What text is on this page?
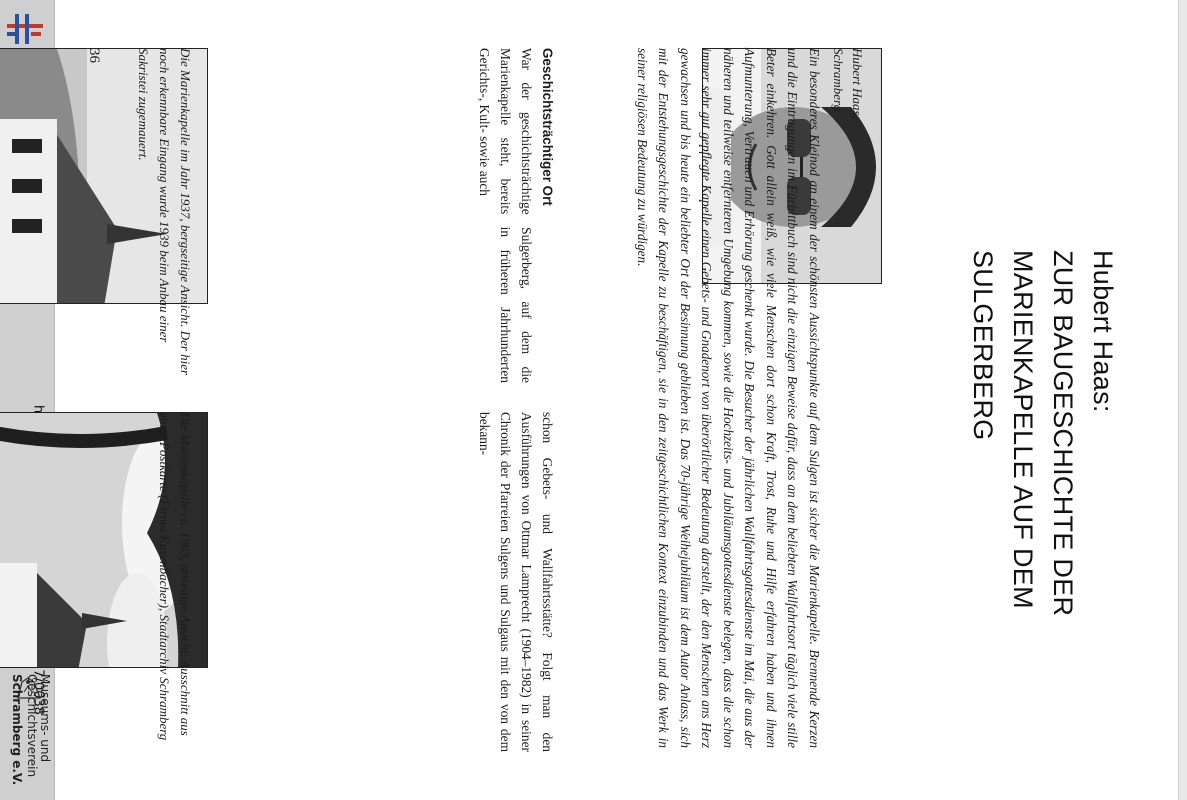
Museums- und
Geschichtsverein
Schramberg e.V.
Hubert Haas:
ZUR BAUGESCHICHTE DER
MARIENKAPELLE AUF DEM
SULGERBERG
Hubert Haas,
Schramberg
Ein besonderes Kleinod an einem der schönsten Aussichtspunkte auf dem Sulgen ist sicher die Marienkapelle. Brennende Kerzen und die Eintragungen im Fürbittbuch sind nicht die einzigen Beweise dafür, dass an dem beliebten Wallfahrtsort täglich viele stille Beter einkehren. Gott allein weiß, wie viele Menschen dort schon Kraft, Trost, Ruhe und Hilfe erfahren haben und ihnen Aufmunterung, Vertrauen und Erhörung geschenkt wurde. Die Besucher der jährlichen Wallfahrtsgottesdienste im Mai, die aus der näheren und teilweise entfernteren Umgebung kommen, sowie die Hochzeits- und Jubiläumsgottesdienste belegen, dass die schon immer sehr gut gepflegte Kapelle einen Gebets- und Gnadenort von überörtlicher Bedeutung darstellt, der den Menschen ans Herz gewachsen und bis heute ein beliebter Ort der Besinnung geblieben ist. Das 70-jährige Weihejubiläum ist dem Autor Anlass, sich mit der Entstehungsgeschichte der Kapelle zu beschäftigen, sie in den zeitgeschichtlichen Kontext einzubinden und das Werk in seiner religiösen Bedeutung zu würdigen.
Geschichtsträchtiger Ort
War der geschichtsträchtige Sulgerberg, auf dem die Marienkapelle steht, bereits in früheren Jahrhunderten Gerichts-, Kult- sowie auch
schon Gebets- und Wallfahrtsstätte? Folgt man den Ausführungen von Ottmar Lamprecht (1904–1982) in seiner Chronik der Pfarreien Sulgens und Sulgaus mit den von dem bekann-
Die Marienkapelle im Jahr 1937, bergseitige Ansicht. Der hier noch erkennbare Eingang wurde 1939 beim Anbau einer Sakristei zugemauert.
Die Marienkapelle ca. 1963, talseitige Ansicht. Ausschnitt aus einer Postkarte (Firma Kasenbacher), Stadtarchiv Schramberg
36
